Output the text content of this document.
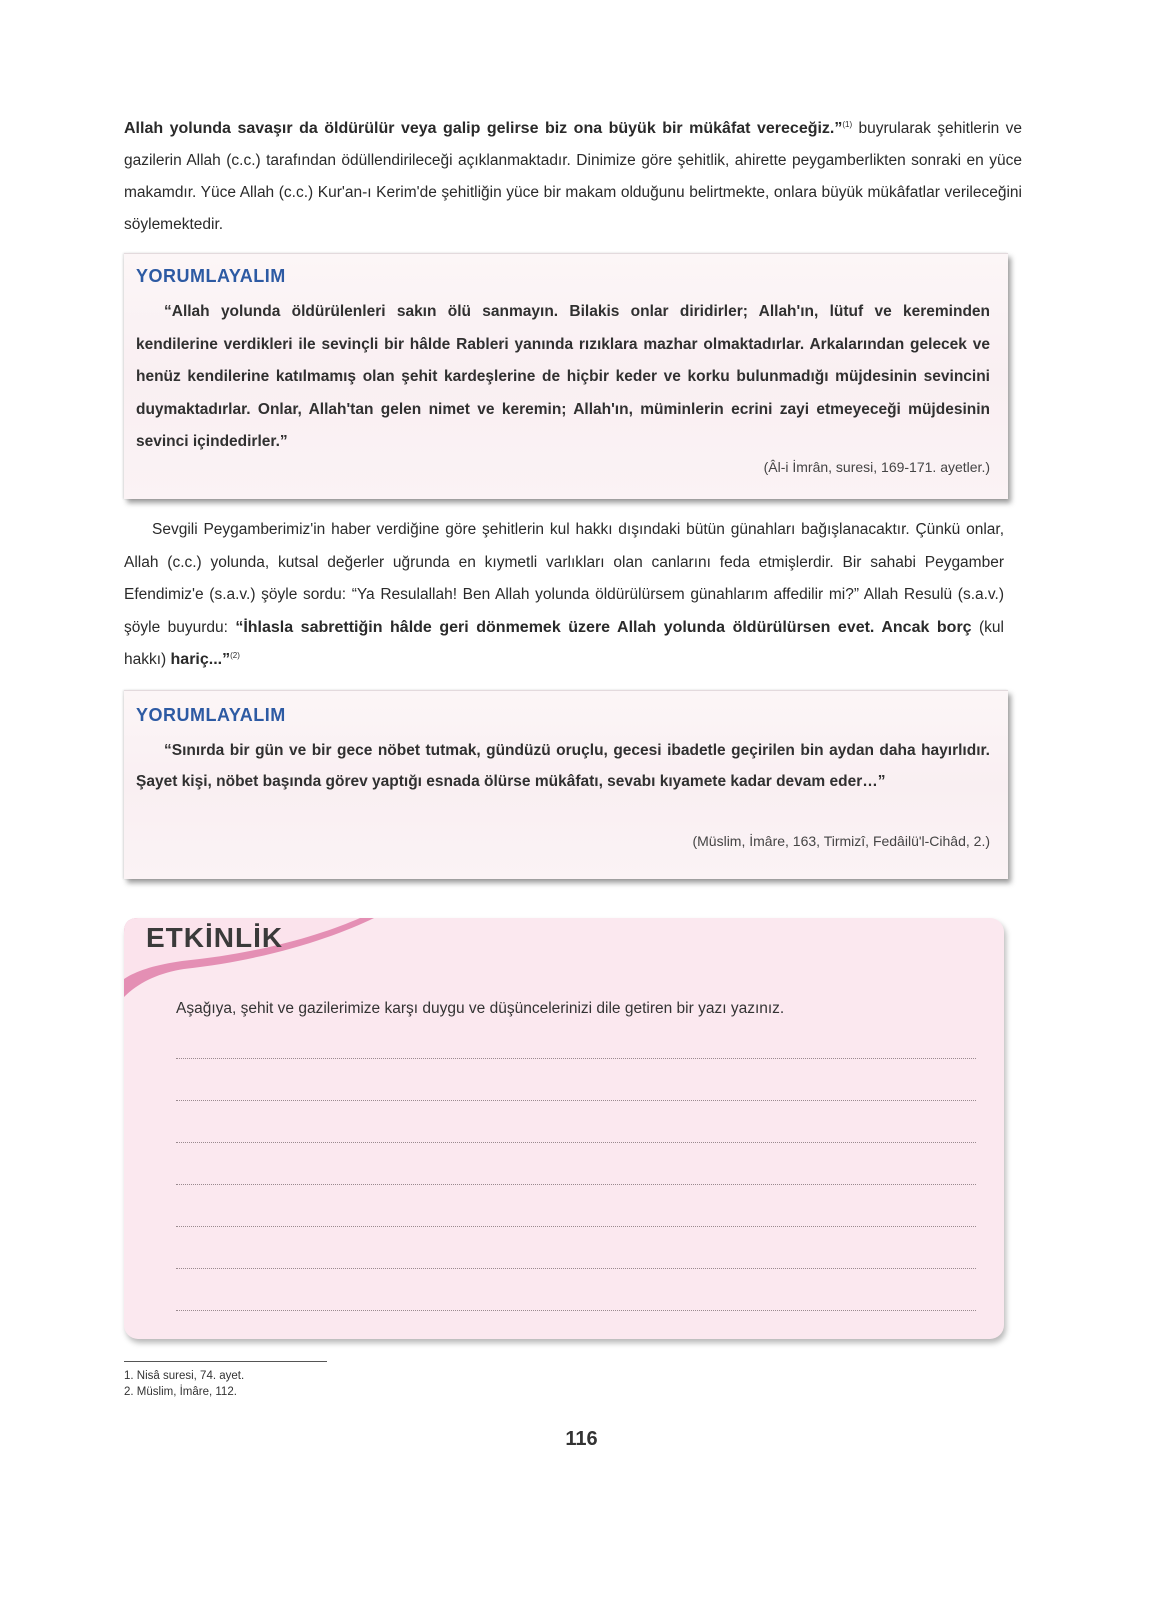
Allah yolunda savaşır da öldürülür veya galip gelirse biz ona büyük bir mükâfat vereceğiz.”$^{(1)}$ buyrularak şehitlerin ve gazilerin Allah (c.c.) tarafından ödüllendirileceği açıklanmaktadır. Dinimize göre şehitlik, ahirette peygamberlikten sonraki en yüce makamdır. Yüce Allah (c.c.) Kur'an-ı Kerim'de şehitliğin yüce bir makam olduğunu belirtmekte, onlara büyük mükâfatlar verileceğini söylemektedir.
YORUMLAYALIM
“Allah yolunda öldürülenleri sakın ölü sanmayın. Bilakis onlar diridirler; Allah'ın, lütuf ve kereminden kendilerine verdikleri ile sevinçli bir hâlde Rableri yanında rızıklara mazhar olmaktadırlar. Arkalarından gelecek ve henüz kendilerine katılmamış olan şehit kardeşlerine de hiçbir keder ve korku bulunmadığı müjdesinin sevincini duymaktadırlar. Onlar, Allah'tan gelen nimet ve keremin; Allah'ın, müminlerin ecrini zayi etmeyeceği müjdesinin sevinci içindedirler.”
(Âl-i İmrân, suresi, 169-171. ayetler.)
Sevgili Peygamberimiz'in haber verdiğine göre şehitlerin kul hakkı dışındaki bütün günahları bağışlanacaktır. Çünkü onlar, Allah (c.c.) yolunda, kutsal değerler uğrunda en kıymetli varlıkları olan canlarını feda etmişlerdir. Bir sahabi Peygamber Efendimiz'e (s.a.v.) şöyle sordu: “Ya Resulallah! Ben Allah yolunda öldürülürsem günahlarım affedilir mi?” Allah Resulü (s.a.v.) şöyle buyurdu: “İhlasla sabrettiğin hâlde geri dönmemek üzere Allah yolunda öldürülürsen evet. Ancak borç (kul hakkı) hariç...”$^{(2)}$
YORUMLAYALIM
“Sınırda bir gün ve bir gece nöbet tutmak, gündüzü oruçlu, gecesi ibadetle geçirilen bin aydan daha hayırlıdır. Şayet kişi, nöbet başında görev yaptığı esnada ölürse mükâfatı, sevabı kıyamete kadar devam eder…”
(Müslim, İmâre, 163, Tirmizî, Fedâilü'l-Cihâd, 2.)
ETKİNLİK
Aşağıya, şehit ve gazilerimize karşı duygu ve düşüncelerinizi dile getiren bir yazı yazınız.
1. Nisâ suresi, 74. ayet.
2. Müslim, İmâre, 112.
116
